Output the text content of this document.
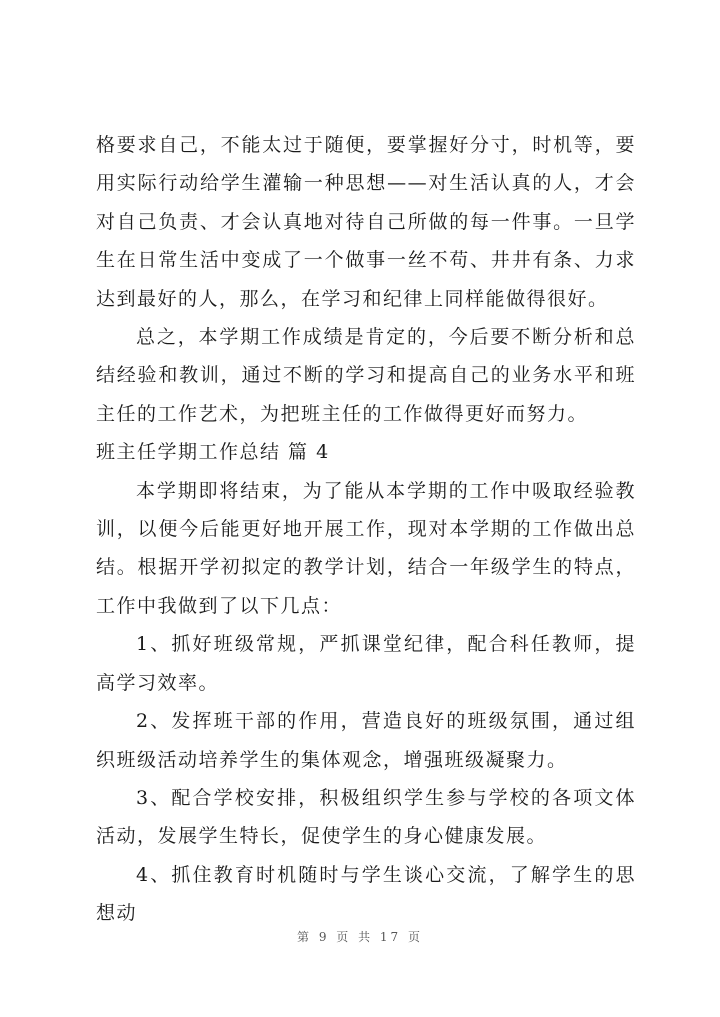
格要求自己，不能太过于随便，要掌握好分寸，时机等，要用实际行动给学生灌输一种思想——对生活认真的人，才会对自己负责、才会认真地对待自己所做的每一件事。一旦学生在日常生活中变成了一个做事一丝不苟、井井有条、力求达到最好的人，那么，在学习和纪律上同样能做得很好。

总之，本学期工作成绩是肯定的，今后要不断分析和总结经验和教训，通过不断的学习和提高自己的业务水平和班主任的工作艺术，为把班主任的工作做得更好而努力。

班主任学期工作总结 篇 4

本学期即将结束，为了能从本学期的工作中吸取经验教训，以便今后能更好地开展工作，现对本学期的工作做出总结。根据开学初拟定的教学计划，结合一年级学生的特点，工作中我做到了以下几点：

1、抓好班级常规，严抓课堂纪律，配合科任教师，提高学习效率。

2、发挥班干部的作用，营造良好的班级氛围，通过组织班级活动培养学生的集体观念，增强班级凝聚力。

3、配合学校安排，积极组织学生参与学校的各项文体活动，发展学生特长，促使学生的身心健康发展。

4、抓住教育时机随时与学生谈心交流，了解学生的思想动

第 9 页 共 17 页
